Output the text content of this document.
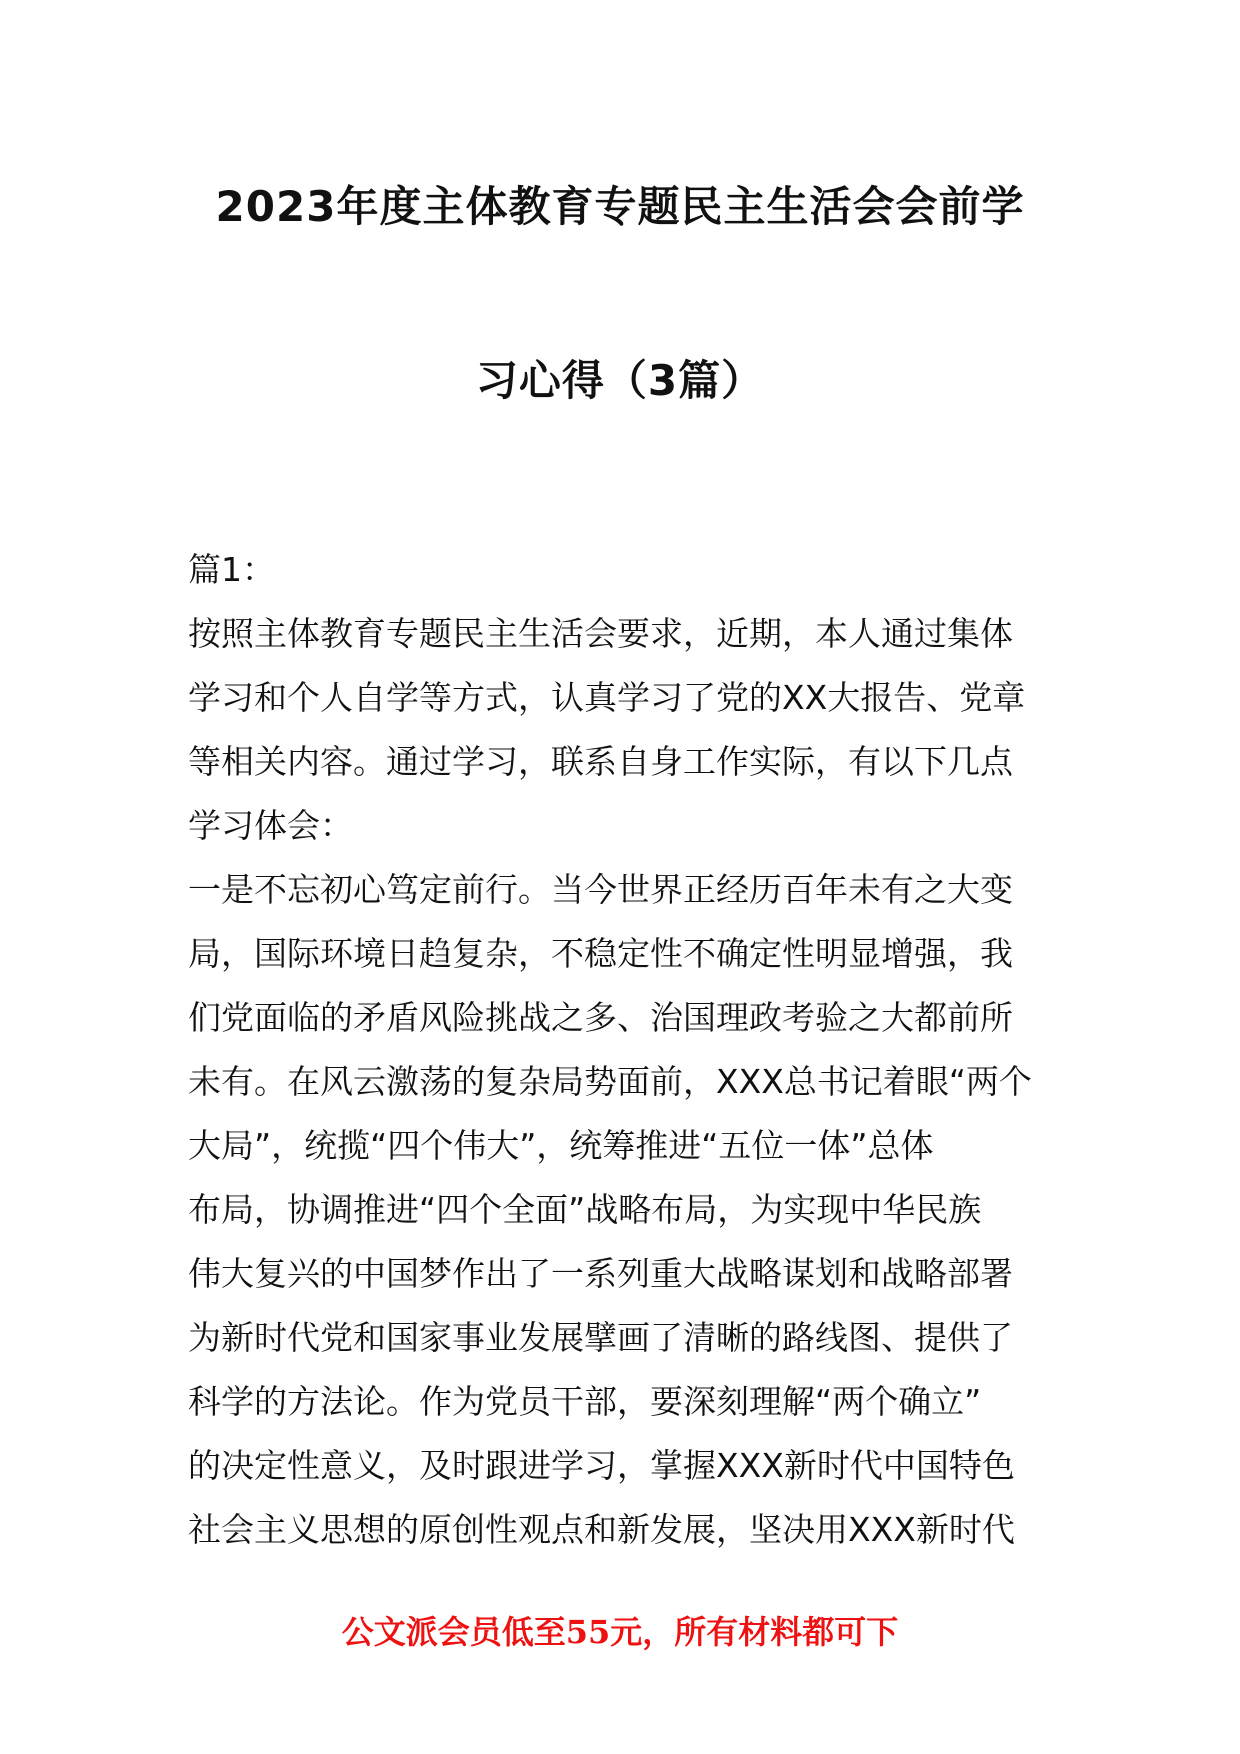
2023年度主体教育专题民主生活会会前学
习心得（3篇）

篇1：

按照主体教育专题民主生活会要求，近期，本人通过集体

学习和个人自学等方式，认真学习了党的XX大报告、党章

等相关内容。通过学习，联系自身工作实际，有以下几点

学习体会：

一是不忘初心笃定前行。当今世界正经历百年未有之大变

局，国际环境日趋复杂，不稳定性不确定性明显增强，我

们党面临的矛盾风险挑战之多、治国理政考验之大都前所

未有。在风云激荡的复杂局势面前，XXX总书记着眼“两个

大局”，统揽“四个伟大”，统筹推进“五位一体”总体

布局，协调推进“四个全面”战略布局，为实现中华民族

伟大复兴的中国梦作出了一系列重大战略谋划和战略部署

为新时代党和国家事业发展擘画了清晰的路线图、提供了

科学的方法论。作为党员干部，要深刻理解“两个确立”

的决定性意义，及时跟进学习，掌握XXX新时代中国特色

社会主义思想的原创性观点和新发展，坚决用XXX新时代

公文派会员低至55元，所有材料都可下
